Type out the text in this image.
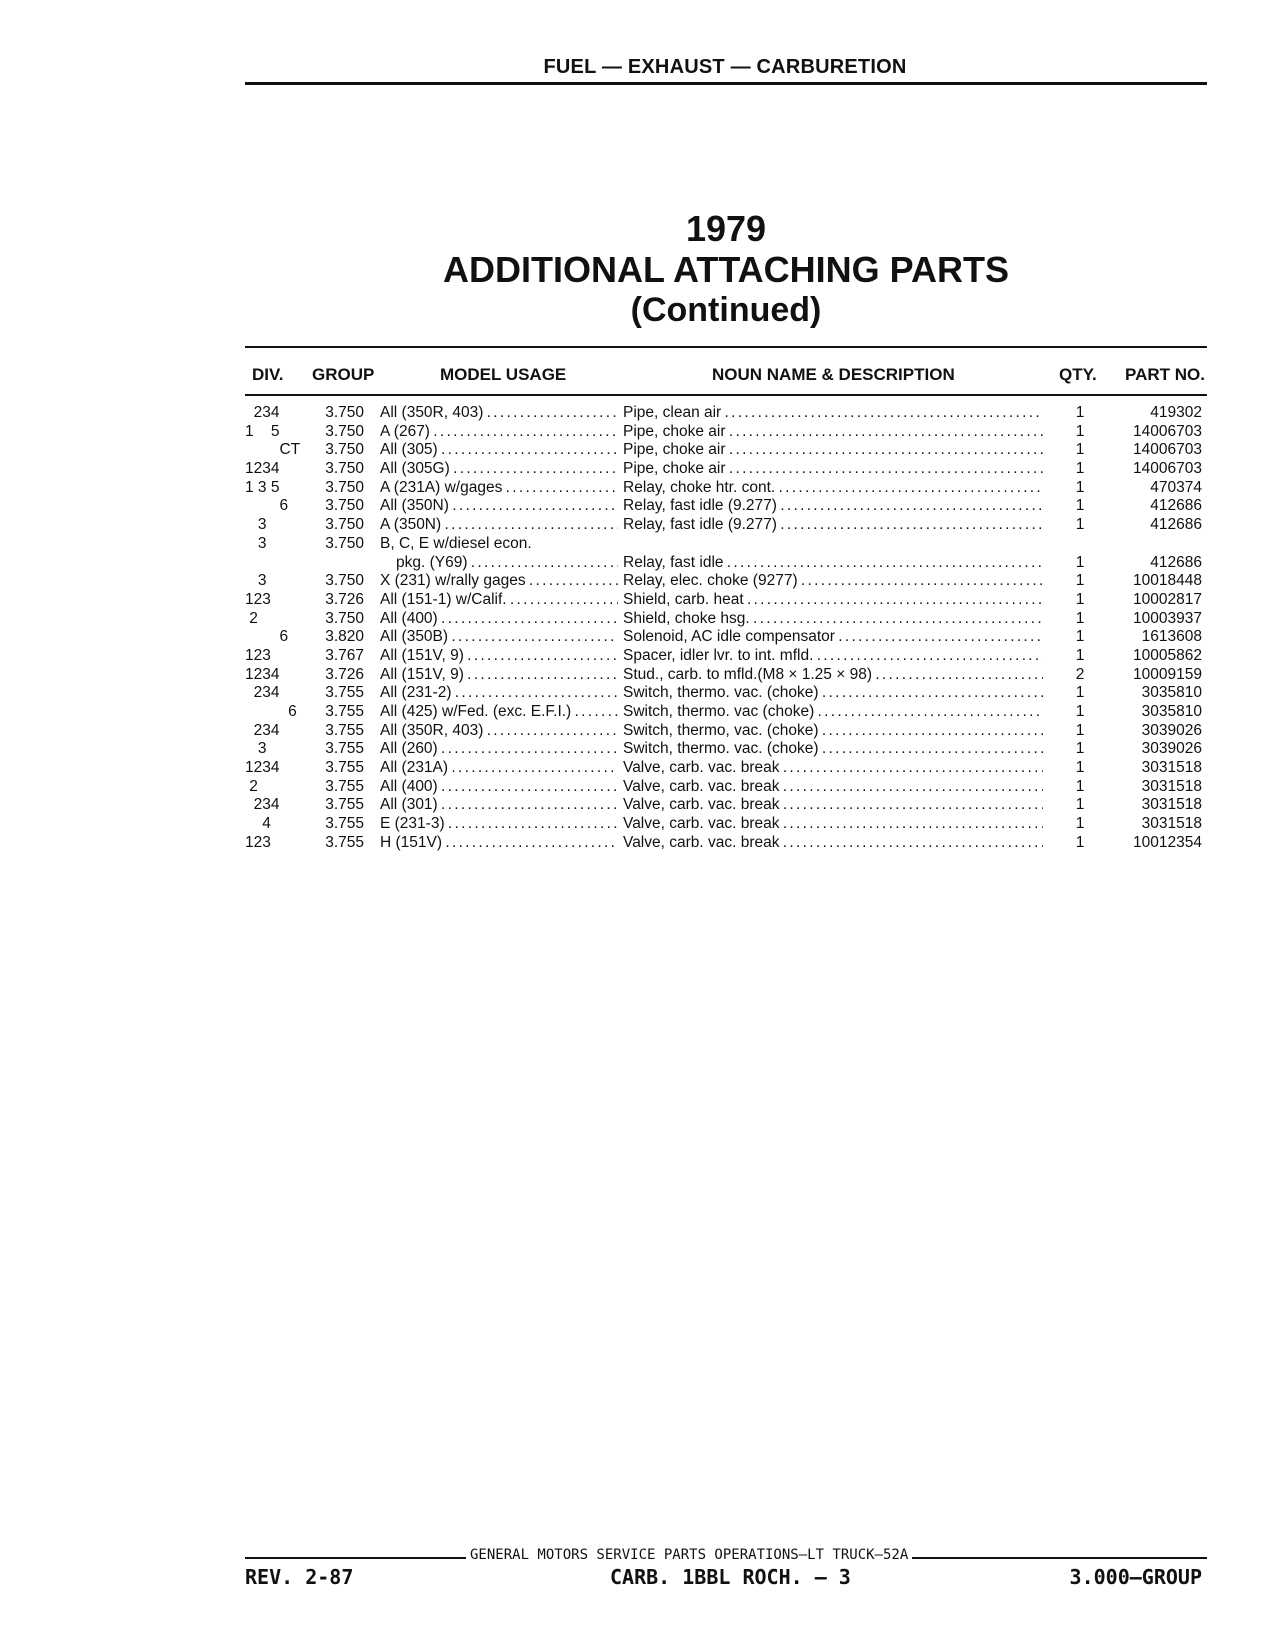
FUEL — EXHAUST — CARBURETION
1979
ADDITIONAL ATTACHING PARTS
(Continued)
DIV. GROUP	MODEL USAGE	NOUN NAME & DESCRIPTION	QTY. PART NO.
234	3.750 All (350R, 403) . . .	Pipe, clean air . . .	1	419302
1    5	3.750 A (267) . . .	Pipe, choke air . . .	1	14006703
CT	3.750 All (305) . . .	Pipe, choke air . . .	1	14006703
1234	3.750 All (305G) . . .	Pipe, choke air . . .	1	14006703
1 3 5	3.750 A (231A) w/gages . . .	Relay, choke htr. cont. . . .	1	470374
6	3.750 All (350N) . . .	Relay, fast idle (9.277) . . .	1	412686
3	3.750 A (350N) . . .	Relay, fast idle (9.277) . . .	1	412686
3	3.750 B, C, E w/diesel econ.
pkg. (Y69) . . .	Relay, fast idle . . .	1	412686
3	3.750 X (231) w/rally gages . . .	Relay, elec. choke (9277) . . .	1	10018448
123	3.726 All (151-1) w/Calif. . . .	Shield, carb. heat . . .	1	10002817
2	3.750 All (400) . . .	Shield, choke hsg. . . .	1	10003937
6	3.820 All (350B) . . .	Solenoid, AC idle compensator . . .	1	1613608
123	3.767 All (151V, 9) . . .	Spacer, idler lvr. to int. mfld. . . .	1	10005862
1234	3.726 All (151V, 9) . . .	Stud., carb. to mfld.(M8 × 1.25 × 98) . . .	2	10009159
234	3.755 All (231-2) . . .	Switch, thermo. vac. (choke) . . .	1	3035810
6	3.755 All (425) w/Fed. (exc. E.F.I.) . . .	Switch, thermo. vac (choke) . . .	1	3035810
234	3.755 All (350R, 403) . . .	Switch, thermo, vac. (choke) . . .	1	3039026
3	3.755 All (260) . . .	Switch, thermo. vac. (choke) . . .	1	3039026
1234	3.755 All (231A) . . .	Valve, carb. vac. break . . .	1	3031518
2	3.755 All (400) . . .	Valve, carb. vac. break . . .	1	3031518
234	3.755 All (301) . . .	Valve, carb. vac. break . . .	1	3031518
4	3.755 E (231-3) . . .	Valve, carb. vac. break . . .	1	3031518
123	3.755 H (151V) . . .	Valve, carb. vac. break . . .	1	10012354
GENERAL MOTORS SERVICE PARTS OPERATIONS—LT TRUCK—52A
REV. 2-87	CARB. 1BBL ROCH. – 3	3.000—GROUP
